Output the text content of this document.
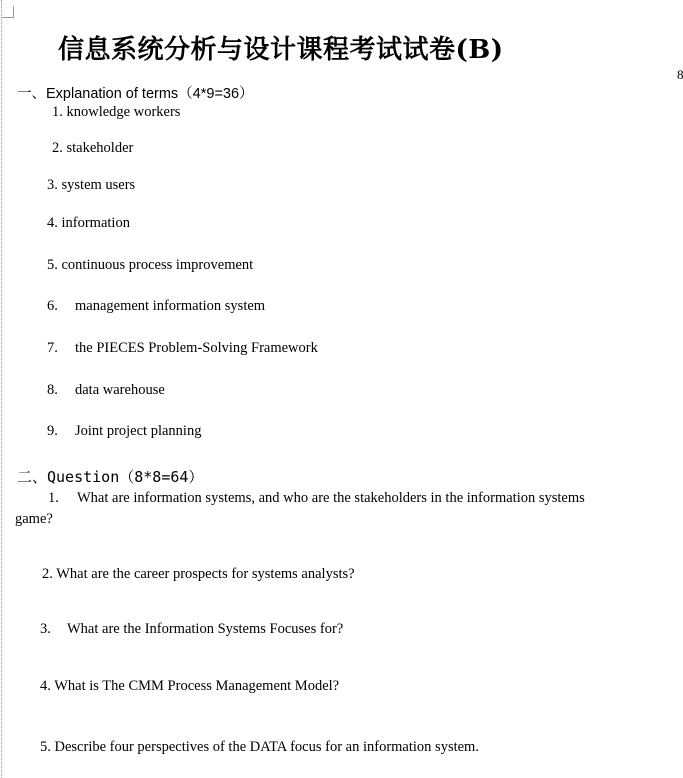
8
信息系统分析与设计课程考试试卷(B)
一、Explanation of terms（4*9=36）
1. knowledge workers
2. stakeholder
3. system users
4. information
5. continuous process improvement
6. management information system
7. the PIECES Problem-Solving Framework
8. data warehouse
9. Joint project planning
二、Question（8*8=64）
1. What are information systems, and who are the stakeholders in the information systems game?
2. What are the career prospects for systems analysts?
3. What are the Information Systems Focuses for?
4. What is The CMM Process Management Model?
5. Describe four perspectives of the DATA focus for an information system.
